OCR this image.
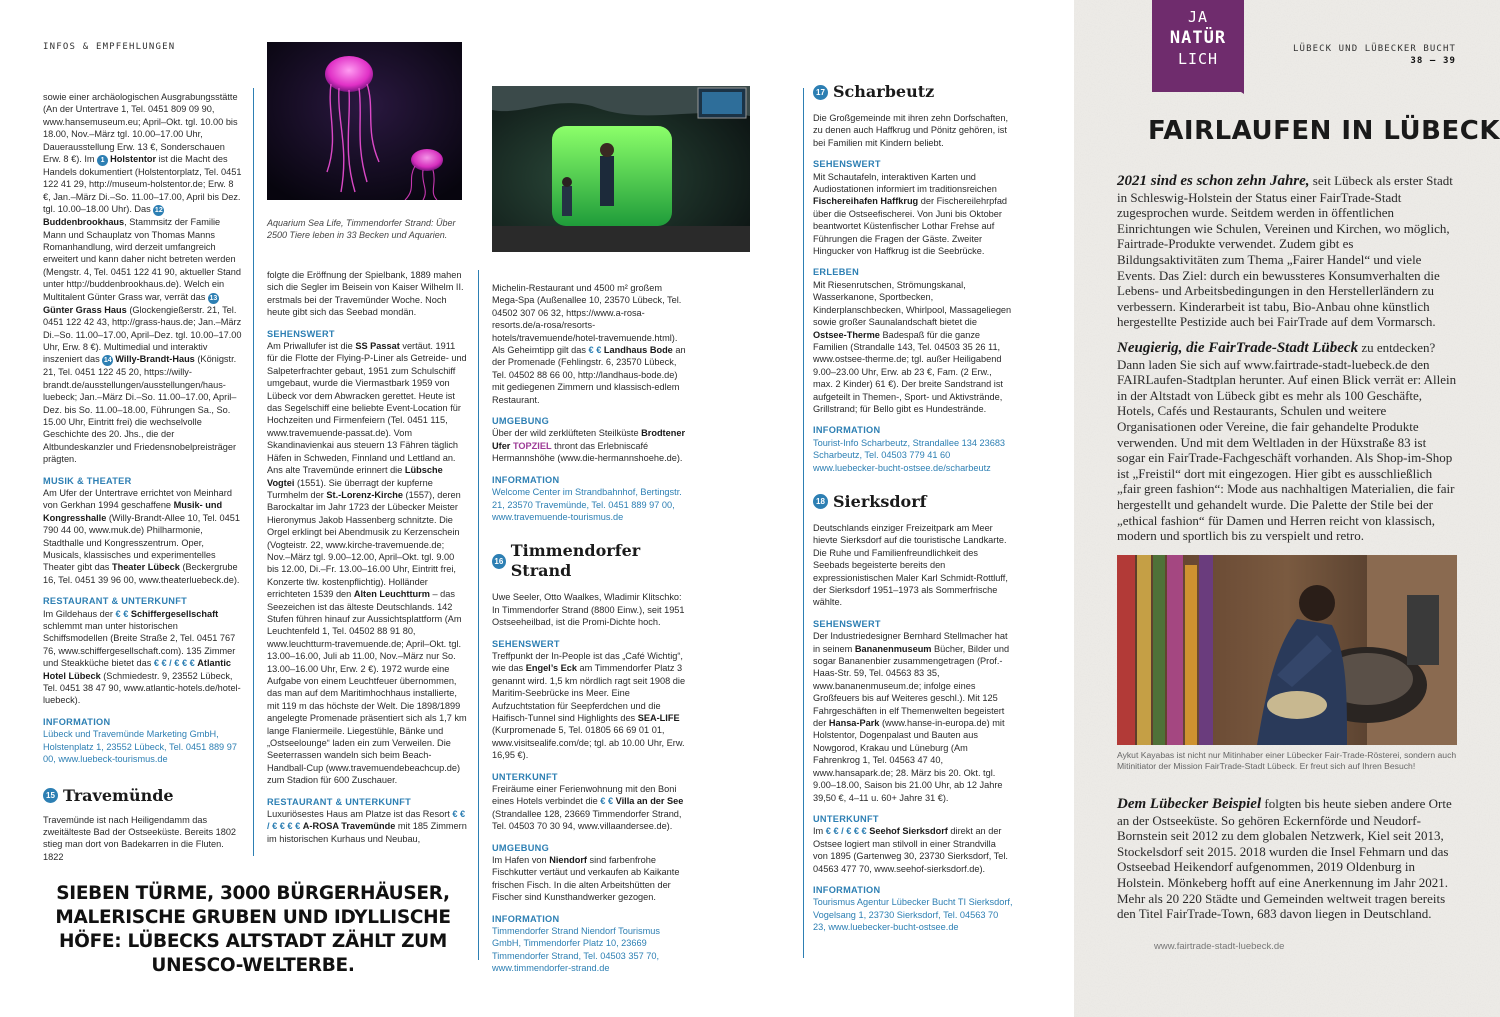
INFOS & EMPFEHLUNGEN

sowie einer archäologischen Ausgrabungsstätte (An der Untertrave 1, Tel. 0451 809 09 90, www.hansemuseum.eu; April–Okt. tgl. 10.00 bis 18.00, Nov.–März tgl. 10.00–17.00 Uhr, Dauerausstellung Erw. 13 €, Sonderschauen Erw. 8 €). Im 1 Holstentor ist die Macht des Handels dokumentiert (Holstentorplatz, Tel. 0451 122 41 29, http://museum-holstentor.de; Erw. 8 €, Jan.–März Di.–So. 11.00–17.00, April bis Dez. tgl. 10.00–18.00 Uhr). Das 12Buddenbrookhaus, Stammsitz der Familie Mann und Schauplatz von Thomas Manns Romanhandlung, wird derzeit umfangreich erweitert und kann daher nicht betreten werden (Mengstr. 4, Tel. 0451 122 41 90, aktueller Stand unter http://buddenbrookhaus.de). Welch ein Multitalent Günter Grass war, verrät das 13Günter Grass Haus (Glockengießerstr. 21, Tel. 0451 122 42 43, http://grass-haus.de; Jan.–März Di.–So. 11.00–17.00, April–Dez. tgl. 10.00–17.00 Uhr, Erw. 8 €). Multimedial und interaktiv inszeniert das 14 Willy-Brandt-Haus (Königstr. 21, Tel. 0451 122 45 20, https://willy-brandt.de/ausstellungen/ausstellungen/haus-luebeck; Jan.–März Di.–So. 11.00–17.00, April–Dez. bis So. 11.00–18.00, Führungen Sa., So. 15.00 Uhr, Eintritt frei) die wechselvolle Geschichte des 20. Jhs., die der Altbundeskanzler und Friedensnobelpreisträger prägten.

MUSIK & THEATER

Am Ufer der Untertrave errichtet von Meinhard von Gerkhan 1994 geschaffene Musik- und Kongresshalle (Willy-Brandt-Allee 10, Tel. 0451 790 44 00, www.muk.de) Philharmonie, Stadthalle und Kongresszentrum. Oper, Musicals, klassisches und experimentelles Theater gibt das Theater Lübeck (Beckergrube 16, Tel. 0451 39 96 00, www.theaterluebeck.de).

RESTAURANT & UNTERKUNFT

Im Gildehaus der € € Schiffergesellschaft schlemmt man unter historischen Schiffsmodellen (Breite Straße 2, Tel. 0451 767 76, www.schiffergesellschaft.com). 135 Zimmer und Steakküche bietet das € € / € € € Atlantic Hotel Lübeck (Schmiedestr. 9, 23552 Lübeck, Tel. 0451 38 47 90, www.atlantic-hotels.de/hotel-luebeck).

INFORMATION

Lübeck und Travemünde Marketing GmbH, Holstenplatz 1, 23552 Lübeck, Tel. 0451 889 97 00, www.luebeck-tourismus.de

15 Travemünde

Travemünde ist nach Heiligendamm das zweitälteste Bad der Ostseeküste. Bereits 1802 stieg man dort von Badekarren in die Fluten. 1822

Aquarium Sea Life, Timmendorfer Strand: Über 2500 Tiere leben in 33 Becken und Aquarien.

folgte die Eröffnung der Spielbank, 1889 mahen sich die Segler im Beisein von Kaiser Wilhelm II. erstmals bei der Travemünder Woche. Noch heute gibt sich das Seebad mondän.

SEHENSWERT

Am Priwallufer ist die SS Passat vertäut. 1911 für die Flotte der Flying-P-Liner als Getreide- und Salpeterfrachter gebaut, 1951 zum Schulschiff umgebaut, wurde die Viermastbark 1959 von Lübeck vor dem Abwracken gerettet. Heute ist das Segelschiff eine beliebte Event-Location für Hochzeiten und Firmenfeiern (Tel. 0451 115, www.travemuende-passat.de). Vom Skandinavienkai aus steuern 13 Fähren täglich Häfen in Schweden, Finnland und Lettland an. Ans alte Travemünde erinnert die Lübsche Vogtei (1551). Sie überragt der kupferne Turmhelm der St.-Lorenz-Kirche (1557), deren Barockaltar im Jahr 1723 der Lübecker Meister Hieronymus Jakob Hassenberg schnitzte. Die Orgel erklingt bei Abendmusik zu Kerzenschein (Vogteistr. 22, www.kirche-travemuende.de; Nov.–März tgl. 9.00–12.00, April–Okt. tgl. 9.00 bis 12.00, Di.–Fr. 13.00–16.00 Uhr, Eintritt frei, Konzerte tlw. kostenpflichtig). Holländer errichteten 1539 den Alten Leuchtturm – das Seezeichen ist das älteste Deutschlands. 142 Stufen führen hinauf zur Aussichtsplattform (Am Leuchtenfeld 1, Tel. 04502 88 91 80, www.leuchtturm-travemuende.de; April–Okt. tgl. 13.00–16.00, Juli ab 11.00, Nov.–März nur So. 13.00–16.00 Uhr, Erw. 2 €). 1972 wurde eine Aufgabe von einem Leuchtfeuer übernommen, das man auf dem Maritimhochhaus installierte, mit 119 m das höchste der Welt. Die 1898/1899 angelegte Promenade präsentiert sich als 1,7 km lange Flaniermeile. Liegestühle, Bänke und „Ostseelounge“ laden ein zum Verweilen. Die Seeterrassen wandeln sich beim Beach-Handball-Cup (www.travemuendebeachcup.de) zum Stadion für 600 Zuschauer.

RESTAURANT & UNTERKUNFT

Luxuriösestes Haus am Platze ist das Resort € € / € € € € A-ROSA Travemünde mit 185 Zimmern im historischen Kurhaus und Neubau,

Michelin-Restaurant und 4500 m² großem Mega-Spa (Außenallee 10, 23570 Lübeck, Tel. 04502 307 06 32, https://www.a-rosa-resorts.de/a-rosa/resorts-hotels/travemuende/hotel-travemuende.html). Als Geheimtipp gilt das € € Landhaus Bode an der Promenade (Fehlingstr. 6, 23570 Lübeck, Tel. 04502 88 66 00, http://landhaus-bode.de) mit gediegenen Zimmern und klassisch-edlem Restaurant.

UMGEBUNG

Über der wild zerklüfteten Steilküste Brodtener Ufer TOPZIEL thront das Erlebniscafé Hermannshöhe (www.die-hermannshoehe.de).

INFORMATION

Welcome Center im Strandbahnhof, Bertingstr. 21, 23570 Travemünde, Tel. 0451 889 97 00, www.travemuende-tourismus.de

16
Timmendorfer Strand

Uwe Seeler, Otto Waalkes, Wladimir Klitschko: In Timmendorfer Strand (8800 Einw.), seit 1951 Ostseeheilbad, ist die Promi-Dichte hoch.

SEHENSWERT

Treffpunkt der In-People ist das „Café Wichtig“, wie das Engel’s Eck am Timmendorfer Platz 3 genannt wird. 1,5 km nördlich ragt seit 1908 die Maritim-Seebrücke ins Meer. Eine Aufzuchtstation für Seepferdchen und die Haifisch-Tunnel sind Highlights des SEA-LIFE (Kurpromenade 5, Tel. 01805 66 69 01 01, www.visitsealife.com/de; tgl. ab 10.00 Uhr, Erw. 16,95 €).

UNTERKUNFT

Freiräume einer Ferienwohnung mit den Boni eines Hotels verbindet die € € Villa an der See (Strandallee 128, 23669 Timmendorfer Strand, Tel. 04503 70 30 94, www.villaandersee.de).

UMGEBUNG

Im Hafen von Niendorf sind farbenfrohe Fischkutter vertäut und verkaufen ab Kaikante frischen Fisch. In die alten Arbeitshütten der Fischer sind Kunsthandwerker gezogen.

INFORMATION

Timmendorfer Strand Niendorf Tourismus GmbH, Timmendorfer Platz 10, 23669 Timmendorfer Strand, Tel. 04503 357 70, www.timmendorfer-strand.de

17 Scharbeutz

Die Großgemeinde mit ihren zehn Dorfschaften, zu denen auch Haffkrug und Pönitz gehören, ist bei Familien mit Kindern beliebt.

SEHENSWERT

Mit Schautafeln, interaktiven Karten und Audiostationen informiert im traditionsreichen Fischereihafen Haffkrug der Fischereilehrpfad über die Ostseefischerei. Von Juni bis Oktober beantwortet Küstenfischer Lothar Frehse auf Führungen die Fragen der Gäste. Zweiter Hingucker von Haffkrug ist die Seebrücke.

ERLEBEN

Mit Riesenrutschen, Strömungskanal, Wasserkanone, Sportbecken, Kinderplanschbecken, Whirlpool, Massageliegen sowie großer Saunalandschaft bietet die Ostsee-Therme Badespaß für die ganze Familien (Strandalle 143, Tel. 04503 35 26 11, www.ostsee-therme.de; tgl. außer Heiligabend 9.00–23.00 Uhr, Erw. ab 23 €, Fam. (2 Erw., max. 2 Kinder) 61 €). Der breite Sandstrand ist aufgeteilt in Themen-, Sport- und Aktivstrände, Grillstrand; für Bello gibt es Hundestrände.

INFORMATION

Tourist-Info Scharbeutz, Strandallee 134 23683 Scharbeutz, Tel. 04503 779 41 60 www.luebecker-bucht-ostsee.de/scharbeutz

18 Sierksdorf

Deutschlands einziger Freizeitpark am Meer hievte Sierksdorf auf die touristische Landkarte. Die Ruhe und Familienfreundlichkeit des Seebads begeisterte bereits den expressionistischen Maler Karl Schmidt-Rottluff, der Sierksdorf 1951–1973 als Sommerfrische wählte.

SEHENSWERT

Der Industriedesigner Bernhard Stellmacher hat in seinem Bananenmuseum Bücher, Bilder und sogar Bananenbier zusammengetragen (Prof.-Haas-Str. 59, Tel. 04563 83 35, www.bananenmuseum.de; infolge eines Großfeuers bis auf Weiteres geschl.). Mit 125 Fahrgeschäften in elf Themenwelten begeistert der Hansa-Park (www.hanse-in-europa.de) mit Holstentor, Dogenpalast und Bauten aus Nowgorod, Krakau und Lüneburg (Am Fahrenkrog 1, Tel. 04563 47 40, www.hansapark.de; 28. März bis 20. Okt. tgl. 9.00–18.00, Saison bis 21.00 Uhr, ab 12 Jahre 39,50 €, 4–11 u. 60+ Jahre 31 €).

UNTERKUNFT

Im € € / € € € Seehof Sierksdorf direkt an der Ostsee logiert man stilvoll in einer Strandvilla von 1895 (Gartenweg 30, 23730 Sierksdorf, Tel. 04563 477 70, www.seehof-sierksdorf.de).

INFORMATION

Tourismus Agentur Lübecker Bucht TI Sierksdorf, Vogelsang 1, 23730 Sierksdorf, Tel. 04563 70 23, www.luebecker-bucht-ostsee.de

SIEBEN TÜRME, 3000 BÜRGERHÄUSER, MALERISCHE GRUBEN UND IDYLLISCHE HÖFE: LÜBECKS ALTSTADT ZÄHLT ZUM UNESCO-WELTERBE.
JA
NATÜR
LICH
LÜBECK UND LÜBECKER BUCHT
38 – 39
FAIRLAUFEN IN LÜBECK
2021 sind es schon zehn Jahre, seit Lübeck als erster Stadt in Schleswig-Holstein der Status einer FairTrade-Stadt zugesprochen wurde. Seitdem werden in öffentlichen Einrichtungen wie Schulen, Vereinen und Kirchen, wo möglich, Fairtrade-Produkte verwendet. Zudem gibt es Bildungsaktivitäten zum Thema „Fairer Handel“ und viele Events. Das Ziel: durch ein bewussteres Konsumverhalten die Lebens- und Arbeitsbedingungen in den Herstellerländern zu verbessern. Kinderarbeit ist tabu, Bio-Anbau ohne künstlich hergestellte Pestizide auch bei FairTrade auf dem Vormarsch.
Neugierig, die FairTrade-Stadt Lübeck zu entdecken? Dann laden Sie sich auf www.fairtrade-stadt-luebeck.de den FAIRLaufen-Stadtplan herunter. Auf einen Blick verrät er: Allein in der Altstadt von Lübeck gibt es mehr als 100 Geschäfte, Hotels, Cafés und Restaurants, Schulen und weitere Organisationen oder Vereine, die fair gehandelte Produkte verwenden. Und mit dem Weltladen in der Hüxstraße 83 ist sogar ein FairTrade-Fachgeschäft vorhanden. Als Shop-im-Shop ist „Freistil“ dort mit eingezogen. Hier gibt es ausschließlich „fair green fashion“: Mode aus nachhaltigen Materialien, die fair hergestellt und gehandelt wurde. Die Palette der Stile bei der „ethical fashion“ für Damen und Herren reicht von klassisch, modern und sportlich bis zu verspielt und retro.
Aykut Kayabas ist nicht nur Mitinhaber einer Lübecker Fair-Trade-Rösterei, sondern auch Mitinitiator der Mission FairTrade-Stadt Lübeck. Er freut sich auf Ihren Besuch!
Dem Lübecker Beispiel folgten bis heute sieben andere Orte an der Ostseeküste. So gehören Eckernförde und Neudorf-Bornstein seit 2012 zu dem globalen Netzwerk, Kiel seit 2013, Stockelsdorf seit 2015. 2018 wurden die Insel Fehmarn und das Ostseebad Heikendorf aufgenommen, 2019 Oldenburg in Holstein. Mönkeberg hofft auf eine Anerkennung im Jahr 2021. Mehr als 20 220 Städte und Gemeinden weltweit tragen bereits den Titel FairTrade-Town, 683 davon liegen in Deutschland.
www.fairtrade-stadt-luebeck.de
